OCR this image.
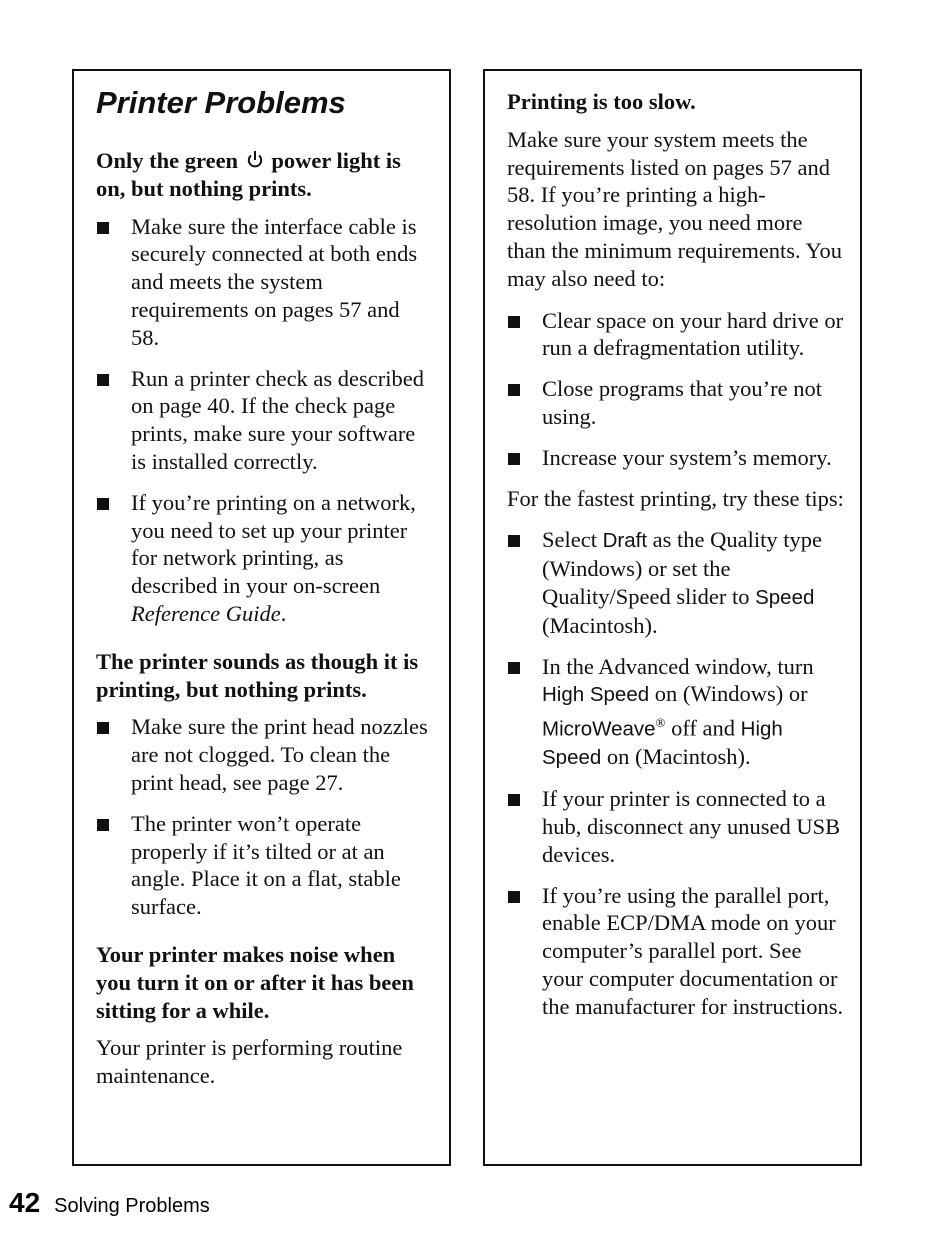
Printer Problems

Only the green power light is on, but nothing prints.

Make sure the interface cable is securely connected at both ends and meets the system requirements on pages 57 and 58.
Run a printer check as described on page 40. If the check page prints, make sure your software is installed correctly.
If you’re printing on a network, you need to set up your printer for network printing, as described in your on-screen Reference Guide.

The printer sounds as though it is printing, but nothing prints.

Make sure the print head nozzles are not clogged. To clean the print head, see page 27.
The printer won’t operate properly if it’s tilted or at an angle. Place it on a flat, stable surface.

Your printer makes noise when you turn it on or after it has been sitting for a while.

Your printer is performing routine maintenance.

Printing is too slow.

Make sure your system meets the requirements listed on pages 57 and 58. If you’re printing a high-resolution image, you need more than the minimum requirements. You may also need to:

Clear space on your hard drive or run a defragmentation utility.
Close programs that you’re not using.
Increase your system’s memory.

For the fastest printing, try these tips:

Select Draft as the Quality type (Windows) or set the Quality/Speed slider to Speed (Macintosh).
In the Advanced window, turn High Speed on (Windows) or MicroWeave® off and High Speed on (Macintosh).
If your printer is connected to a hub, disconnect any unused USB devices.
If you’re using the parallel port, enable ECP/DMA mode on your computer’s parallel port. See your computer documentation or the manufacturer for instructions.
42 Solving Problems
